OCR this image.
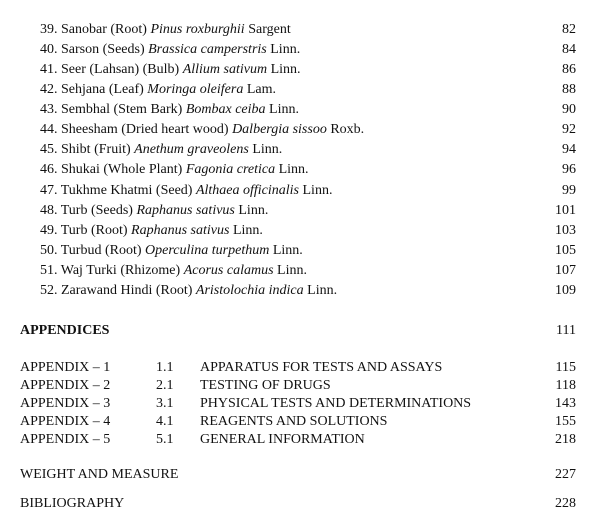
39. Sanobar (Root) Pinus roxburghii Sargent	82
40. Sarson (Seeds) Brassica camperstris Linn.	84
41. Seer (Lahsan) (Bulb) Allium sativum Linn.	86
42. Sehjana (Leaf) Moringa oleifera Lam.	88
43. Sembhal (Stem Bark) Bombax ceiba Linn.	90
44. Sheesham (Dried heart wood) Dalbergia sissoo Roxb.	92
45. Shibt (Fruit) Anethum graveolens Linn.	94
46. Shukai (Whole Plant) Fagonia cretica Linn.	96
47. Tukhme Khatmi (Seed) Althaea officinalis Linn.	99
48. Turb (Seeds) Raphanus sativus Linn.	101
49. Turb (Root) Raphanus sativus Linn.	103
50. Turbud (Root) Operculina turpethum Linn.	105
51. Waj Turki (Rhizome) Acorus calamus Linn.	107
52. Zarawand Hindi (Root) Aristolochia indica Linn.	109
APPENDICES	111
APPENDIX – 1	1.1 APPARATUS FOR TESTS AND ASSAYS	115
APPENDIX – 2	2.1 TESTING OF DRUGS	118
APPENDIX – 3	3.1 PHYSICAL TESTS AND DETERMINATIONS	143
APPENDIX – 4	4.1 REAGENTS AND SOLUTIONS	155
APPENDIX – 5	5.1 GENERAL INFORMATION	218
WEIGHT AND MEASURE	227
BIBLIOGRAPHY	228
